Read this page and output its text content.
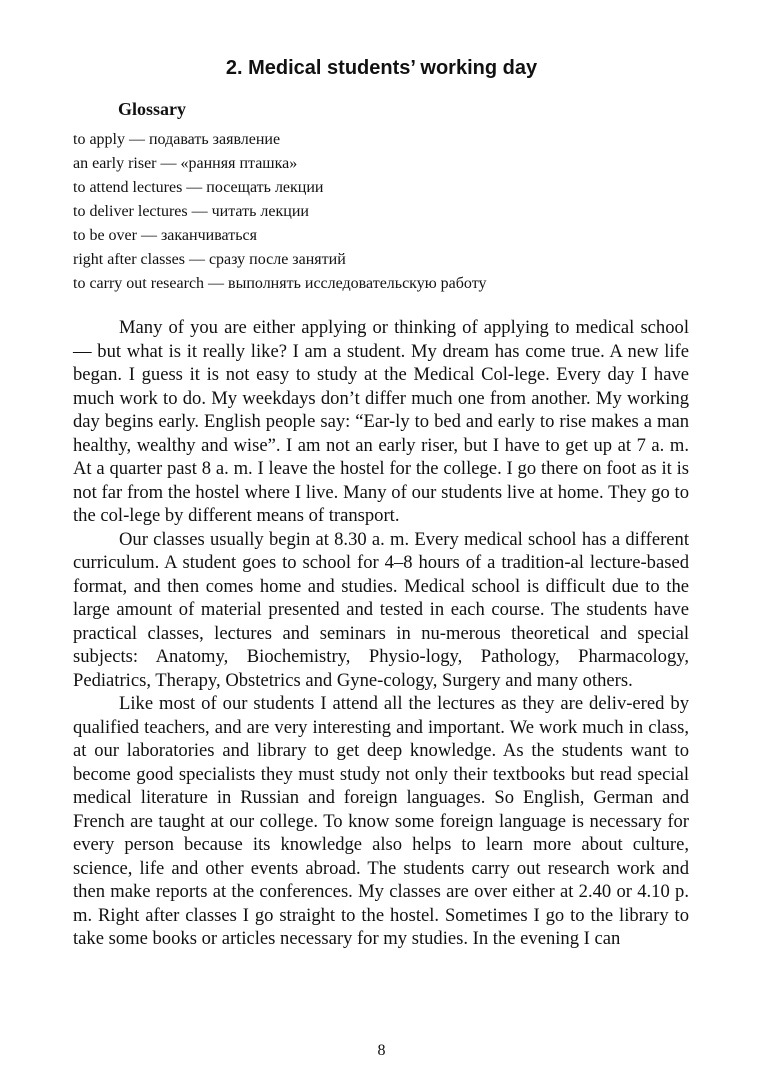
2. Medical students’ working day
Glossary
to apply — подавать заявление
an early riser — «ранняя пташка»
to attend lectures — посещать лекции
to deliver lectures — читать лекции
to be over — заканчиваться
right after classes — сразу после занятий
to carry out research — выполнять исследовательскую работу

Many of you are either applying or thinking of applying to medical school — but what is it really like? I am a student. My dream has come true. A new life began. I guess it is not easy to study at the Medical Col-lege. Every day I have much work to do. My weekdays don’t differ much one from another. My working day begins early. English people say: “Ear-ly to bed and early to rise makes a man healthy, wealthy and wise”. I am not an early riser, but I have to get up at 7 a. m. At a quarter past 8 a. m. I leave the hostel for the college. I go there on foot as it is not far from the hostel where I live. Many of our students live at home. They go to the col-lege by different means of transport.

Our classes usually begin at 8.30 a. m. Every medical school has a different curriculum. A student goes to school for 4–8 hours of a tradition-al lecture-based format, and then comes home and studies. Medical school is difficult due to the large amount of material presented and tested in each course. The students have practical classes, lectures and seminars in nu-merous theoretical and special subjects: Anatomy, Biochemistry, Physio-logy, Pathology, Pharmacology, Pediatrics, Therapy, Obstetrics and Gyne-cology, Surgery and many others.

Like most of our students I attend all the lectures as they are deliv-ered by qualified teachers, and are very interesting and important. We work much in class, at our laboratories and library to get deep knowledge. As the students want to become good specialists they must study not only their textbooks but read special medical literature in Russian and foreign languages. So English, German and French are taught at our college. To know some foreign language is necessary for every person because its knowledge also helps to learn more about culture, science, life and other events abroad. The students carry out research work and then make reports at the conferences. My classes are over either at 2.40 or 4.10 p. m. Right after classes I go straight to the hostel. Sometimes I go to the library to take some books or articles necessary for my studies. In the evening I can

8
